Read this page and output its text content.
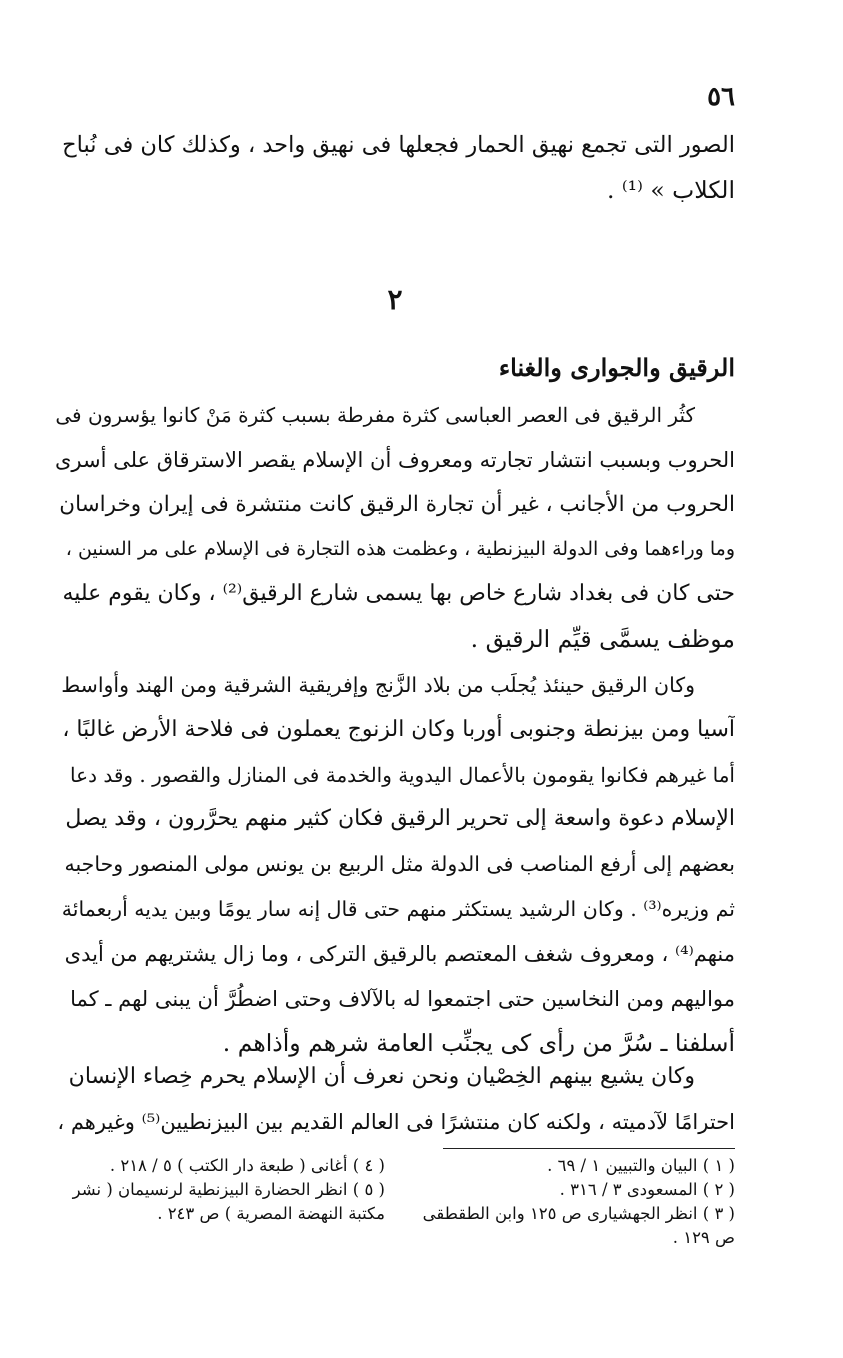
٥٦
الصور التى تجمع نهيق الحمار فجعلها فى نهيق واحد ، وكذلك كان فى نُباح
الكلاب » ⁽¹⁾ .
٢
الرقيق والجوارى والغناء
كثُر الرقيق فى العصر العباسى كثرة مفرطة بسبب كثرة مَنْ كانوا يؤسرون فى
الحروب وبسبب انتشار تجارته ومعروف أن الإسلام يقصر الاسترقاق على أسرى
الحروب من الأجانب ، غير أن تجارة الرقيق كانت منتشرة فى إيران وخراسان
وما وراءهما وفى الدولة البيزنطية ، وعظمت هذه التجارة فى الإسلام على مر السنين ،
حتى كان فى بغداد شارع خاص بها يسمى شارع الرقيق⁽²⁾ ، وكان يقوم عليه
موظف يسمَّى قيِّم الرقيق .
وكان الرقيق حينئذ يُجلَب من بلاد الزَّنج وإفريقية الشرقية ومن الهند وأواسط
آسيا ومن بيزنطة وجنوبى أوربا وكان الزنوج يعملون فى فلاحة الأرض غالبًا ،
أما غيرهم فكانوا يقومون بالأعمال اليدوية والخدمة فى المنازل والقصور . وقد دعا
الإسلام دعوة واسعة إلى تحرير الرقيق فكان كثير منهم يحرَّرون ، وقد يصل
بعضهم إلى أرفع المناصب فى الدولة مثل الربيع بن يونس مولى المنصور وحاجبه
ثم وزيره⁽³⁾ . وكان الرشيد يستكثر منهم حتى قال إنه سار يومًا وبين يديه أربعمائة
منهم⁽⁴⁾ ، ومعروف شغف المعتصم بالرقيق التركى ، وما زال يشتريهم من أيدى
مواليهم ومن النخاسين حتى اجتمعوا له بالآلاف وحتى اضطُرَّ أن يبنى لهم ـ كما
أسلفنا ـ سُرَّ من رأى كى يجنِّب العامة شرهم وأذاهم .
وكان يشيع بينهم الخِصْيان ونحن نعرف أن الإسلام يحرم خِصاء الإنسان
احترامًا لآدميته ، ولكنه كان منتشرًا فى العالم القديم بين البيزنطيين⁽⁵⁾ وغيرهم ،
( ١ ) البيان والتبيين ١ / ٦٩ .
( ٢ ) المسعودى ٣ / ٣١٦ .
( ٣ ) انظر الجهشيارى ص ١٢٥ وابن الطقطقى
ص ١٢٩ .
( ٤ ) أغانى ( طبعة دار الكتب ) ٥ / ٢١٨ .
( ٥ ) انظر الحضارة البيزنطية لرنسيمان ( نشر
مكتبة النهضة المصرية ) ص ٢٤٣ .
